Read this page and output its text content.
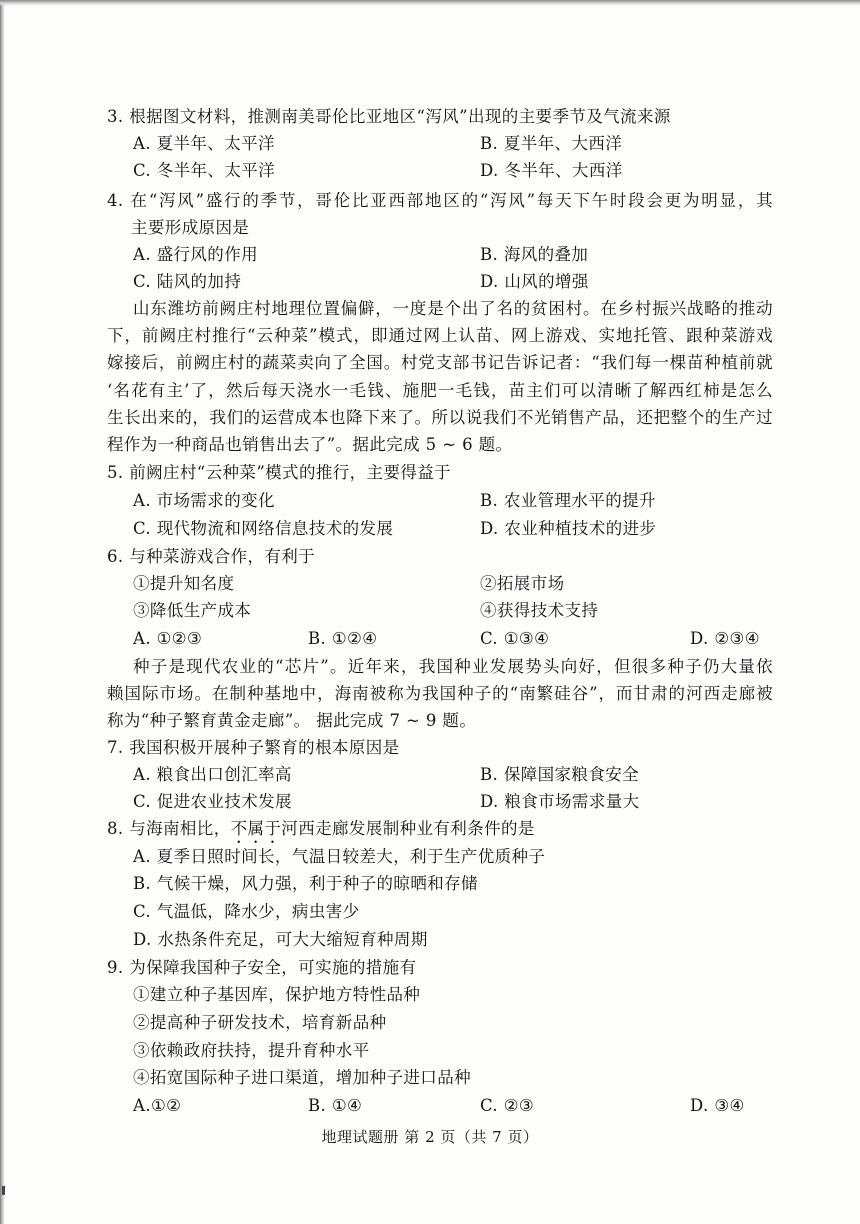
3. 根据图文材料，推测南美哥伦比亚地区“泻风”出现的主要季节及气流来源
A. 夏半年、太平洋	B. 夏半年、大西洋
C. 冬半年、太平洋	D. 冬半年、大西洋
4. 在“泻风”盛行的季节，哥伦比亚西部地区的“泻风”每天下午时段会更为明显，其
主要形成原因是
A. 盛行风的作用	B. 海风的叠加
C. 陆风的加持	D. 山风的增强
山东潍坊前阙庄村地理位置偏僻，一度是个出了名的贫困村。在乡村振兴战略的推动
下，前阙庄村推行“云种菜”模式，即通过网上认苗、网上游戏、实地托管、跟种菜游戏
嫁接后，前阙庄村的蔬菜卖向了全国。村党支部书记告诉记者：“我们每一棵苗种植前就
‘名花有主’了，然后每天浇水一毛钱、施肥一毛钱，苗主们可以清晰了解西红柿是怎么
生长出来的，我们的运营成本也降下来了。所以说我们不光销售产品，还把整个的生产过
程作为一种商品也销售出去了”。据此完成 5 ~ 6 题。
5. 前阙庄村“云种菜”模式的推行，主要得益于
A. 市场需求的变化	B. 农业管理水平的提升
C. 现代物流和网络信息技术的发展	D. 农业种植技术的进步
6. 与种菜游戏合作，有利于
①提升知名度	②拓展市场
③降低生产成本	④获得技术支持
A. ①②③	B. ①②④	C. ①③④	D. ②③④
种子是现代农业的“芯片”。近年来，我国种业发展势头向好，但很多种子仍大量依
赖国际市场。在制种基地中，海南被称为我国种子的“南繁硅谷”，而甘肃的河西走廊被
称为“种子繁育黄金走廊”。 据此完成 7 ~ 9 题。
7. 我国积极开展种子繁育的根本原因是
A. 粮食出口创汇率高	B. 保障国家粮食安全
C. 促进农业技术发展	D. 粮食市场需求量大
8. 与海南相比，不属于河西走廊发展制种业有利条件的是
A. 夏季日照时间长，气温日较差大，利于生产优质种子
B. 气候干燥，风力强，利于种子的晾晒和存储
C. 气温低，降水少，病虫害少
D. 水热条件充足，可大大缩短育种周期
9. 为保障我国种子安全，可实施的措施有
①建立种子基因库，保护地方特性品种
②提高种子研发技术，培育新品种
③依赖政府扶持，提升育种水平
④拓宽国际种子进口渠道，增加种子进口品种
A.①②	B. ①④	C. ②③	D. ③④
地理试题册 第 2 页（共 7 页）
